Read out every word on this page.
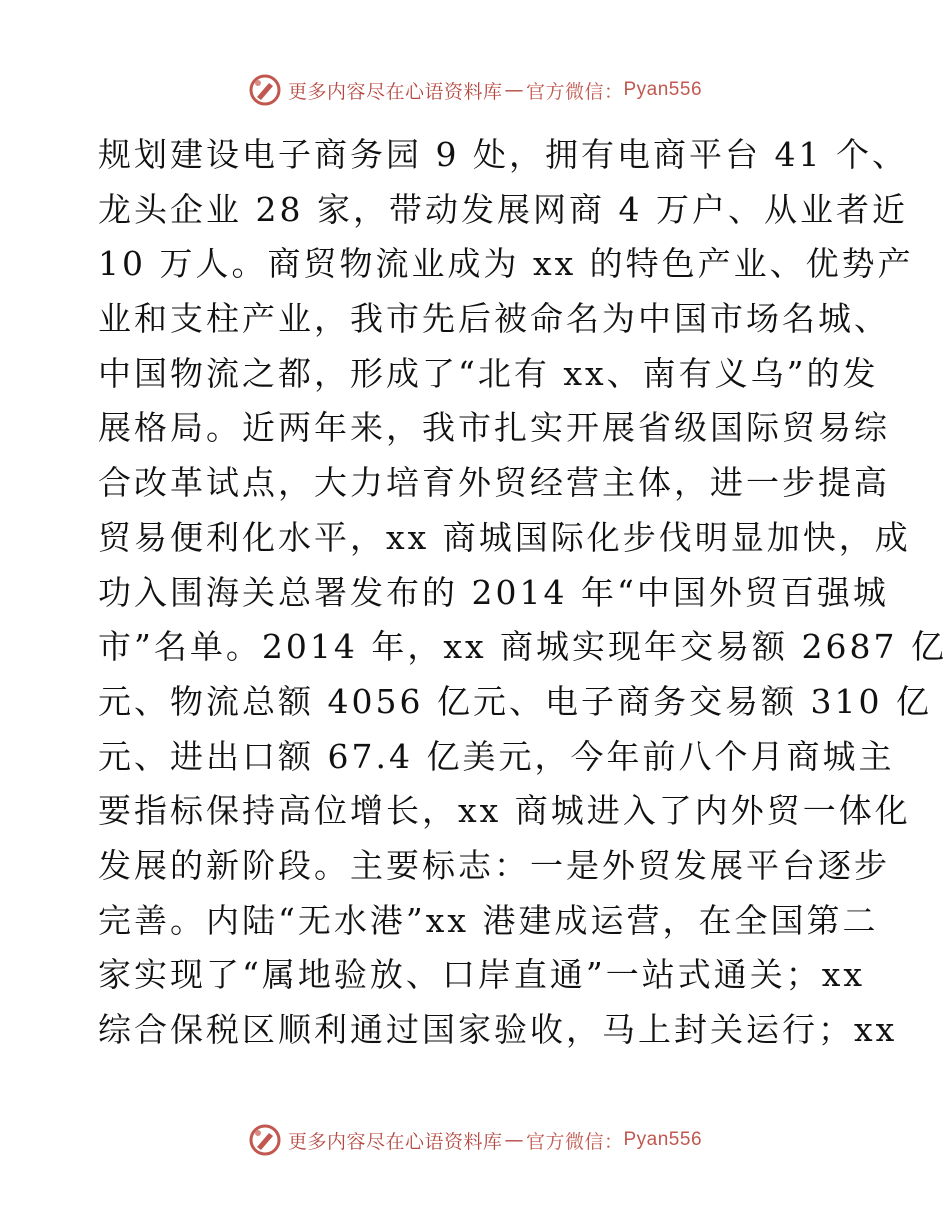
更多内容尽在心语资料库 — 官方微信： Pyan556
规划建设电子商务园 9 处，拥有电商平台 41 个、
龙头企业 28 家，带动发展网商 4 万户、从业者近
10 万人。商贸物流业成为 xx 的特色产业、优势产
业和支柱产业，我市先后被命名为中国市场名城、
中国物流之都，形成了“北有 xx、南有义乌”的发
展格局。近两年来，我市扎实开展省级国际贸易综
合改革试点，大力培育外贸经营主体，进一步提高
贸易便利化水平，xx 商城国际化步伐明显加快，成
功入围海关总署发布的 2014 年“中国外贸百强城
市”名单。2014 年，xx 商城实现年交易额 2687 亿
元、物流总额 4056 亿元、电子商务交易额 310 亿
元、进出口额 67.4 亿美元，今年前八个月商城主
要指标保持高位增长，xx 商城进入了内外贸一体化
发展的新阶段。主要标志：一是外贸发展平台逐步
完善。内陆“无水港”xx 港建成运营，在全国第二
家实现了“属地验放、口岸直通”一站式通关；xx
综合保税区顺利通过国家验收，马上封关运行；xx
更多内容尽在心语资料库 — 官方微信： Pyan556
